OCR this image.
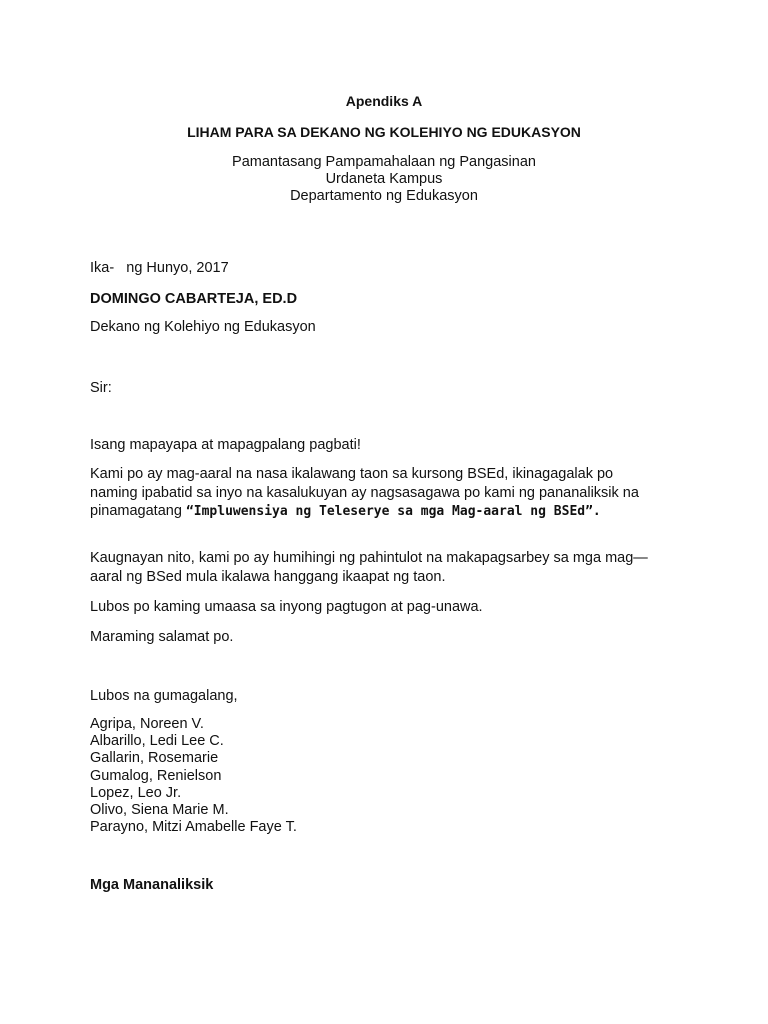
Apendiks A
LIHAM PARA SA DEKANO NG KOLEHIYO NG EDUKASYON
Pamantasang Pampamahalaan ng Pangasinan
Urdaneta Kampus
Departamento ng Edukasyon
Ika-   ng Hunyo, 2017
DOMINGO CABARTEJA, ED.D
Dekano ng Kolehiyo ng Edukasyon
Sir:
Isang mapayapa at mapagpalang pagbati!
Kami po ay mag-aaral na nasa ikalawang taon sa kursong BSEd, ikinagagalak po
naming ipabatid sa inyo na kasalukuyan ay nagsasagawa po kami ng pananaliksik na
pinamagatang “Impluwensiya ng Teleserye sa mga Mag-aaral ng BSEd”.
Kaugnayan nito, kami po ay humihingi ng pahintulot na makapagsarbey sa mga mag—
aaral ng BSed mula ikalawa hanggang ikaapat ng taon.
Lubos po kaming umaasa sa inyong pagtugon at pag-unawa.
Maraming salamat po.
Lubos na gumagalang,
Agripa, Noreen V.
Albarillo, Ledi Lee C.
Gallarin, Rosemarie
Gumalog, Renielson
Lopez, Leo Jr.
Olivo, Siena Marie M.
Parayno, Mitzi Amabelle Faye T.
Mga Mananaliksik
